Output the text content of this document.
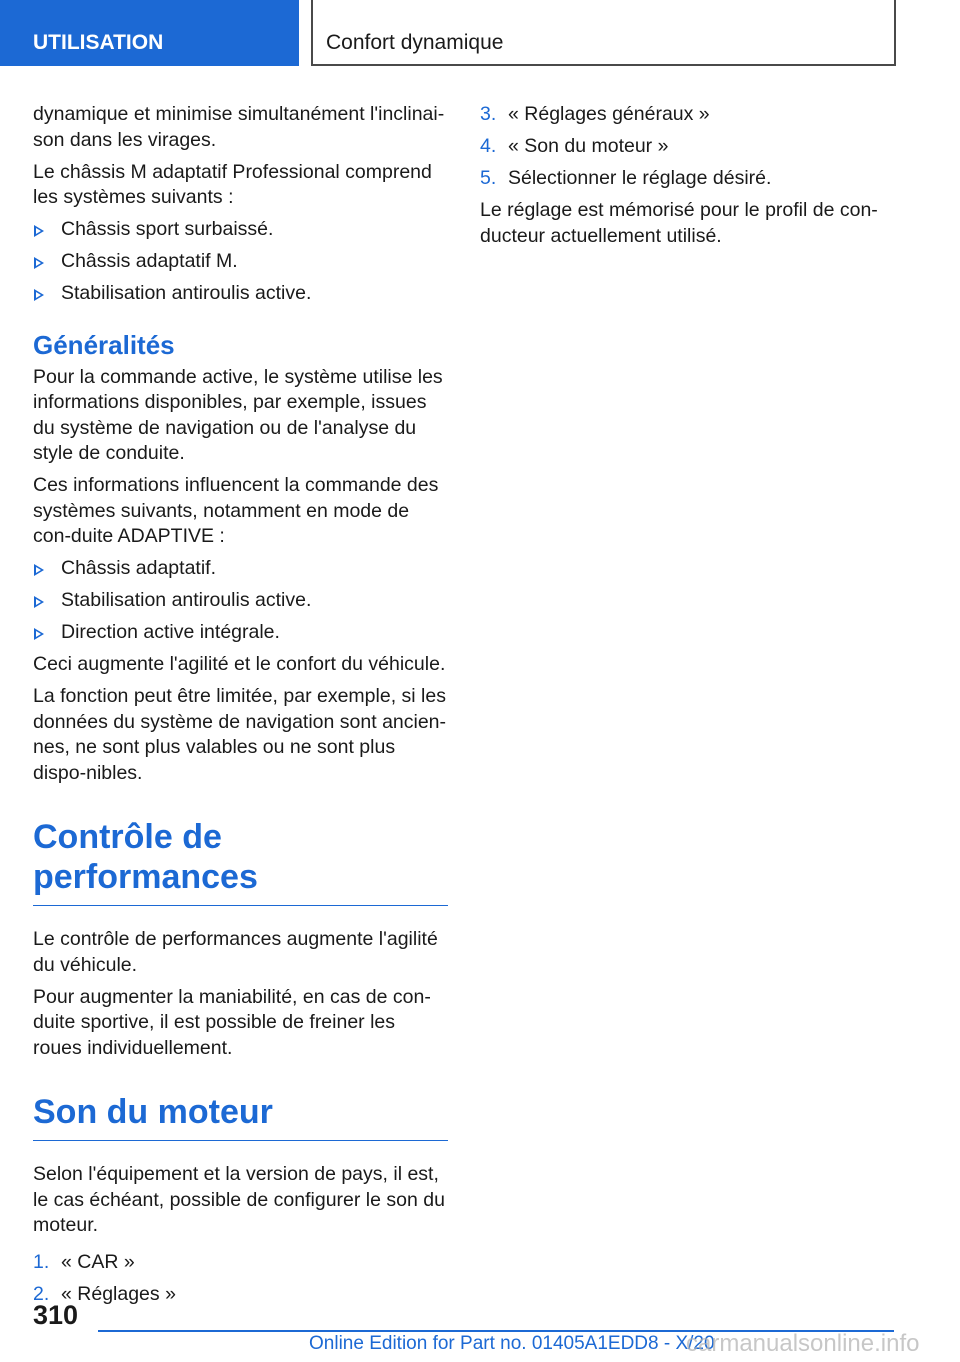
UTILISATION	Confort dynamique

dynamique et minimise simultanément l'inclinai-son dans les virages.

Le châssis M adaptatif Professional comprend les systèmes suivants :

Châssis sport surbaissé.
Châssis adaptatif M.
Stabilisation antiroulis active.
Généralités

Pour la commande active, le système utilise les informations disponibles, par exemple, issues du système de navigation ou de l'analyse du style de conduite.

Ces informations influencent la commande des systèmes suivants, notamment en mode de con-duite ADAPTIVE :

Châssis adaptatif.
Stabilisation antiroulis active.
Direction active intégrale.

Ceci augmente l'agilité et le confort du véhicule.

La fonction peut être limitée, par exemple, si les données du système de navigation sont ancien-nes, ne sont plus valables ou ne sont plus dispo-nibles.

Contrôle de performances

Le contrôle de performances augmente l'agilité du véhicule.

Pour augmenter la maniabilité, en cas de con-duite sportive, il est possible de freiner les roues individuellement.

Son du moteur

Selon l'équipement et la version de pays, il est, le cas échéant, possible de configurer le son du moteur.

1. « CAR »
2. « Réglages »
3. « Réglages généraux »
4. « Son du moteur »
5. Sélectionner le réglage désiré.

Le réglage est mémorisé pour le profil de con-ducteur actuellement utilisé.

310
Online Edition for Part no. 01405A1EDD8 - X/20
carmanualsonline.info
